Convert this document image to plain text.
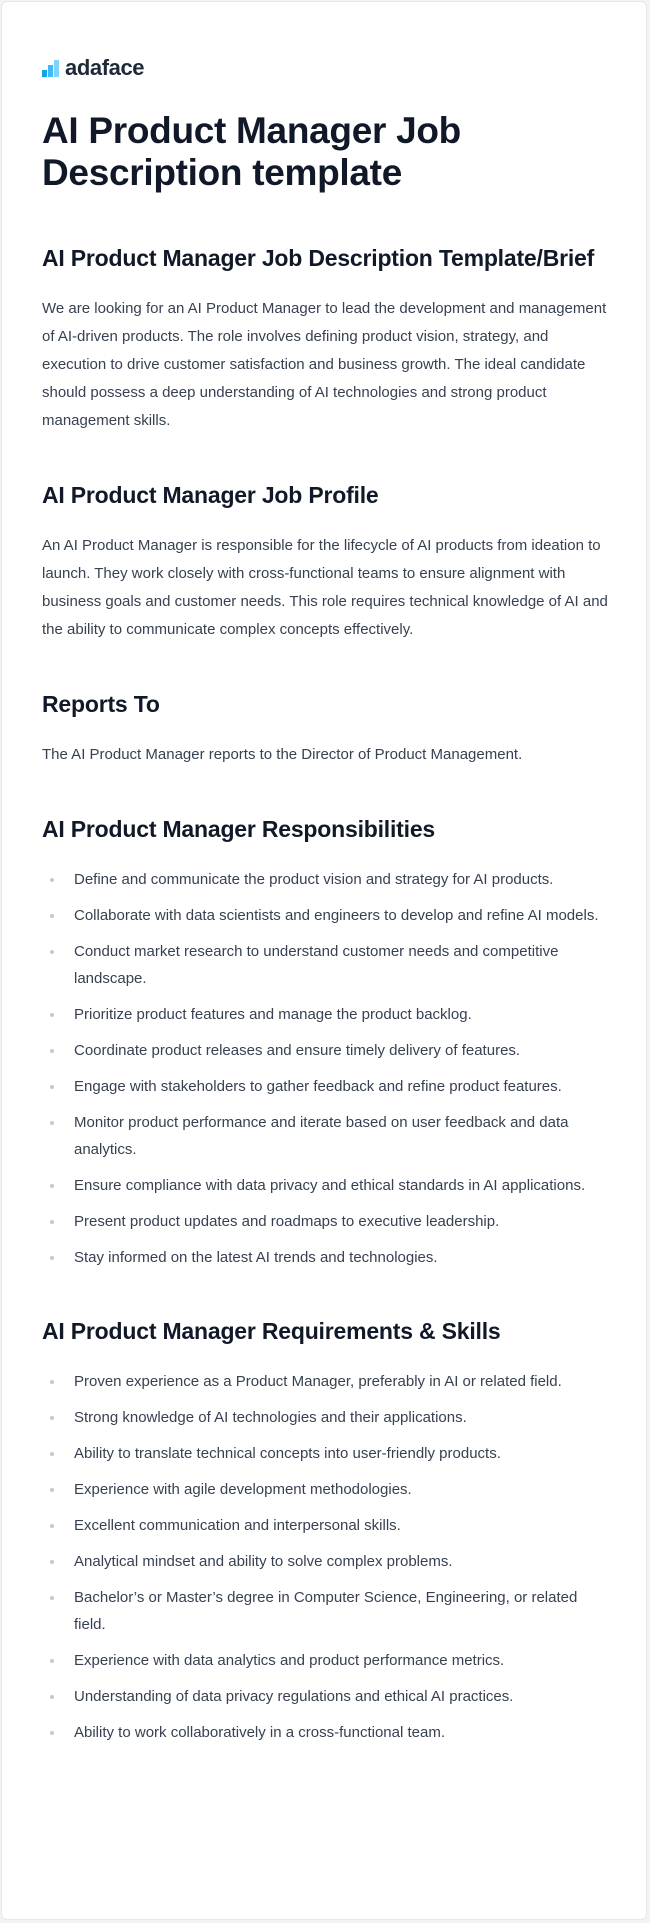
adaface
AI Product Manager Job Description template
AI Product Manager Job Description Template/Brief

We are looking for an AI Product Manager to lead the development and management of AI-driven products. The role involves defining product vision, strategy, and execution to drive customer satisfaction and business growth. The ideal candidate should possess a deep understanding of AI technologies and strong product management skills.

AI Product Manager Job Profile

An AI Product Manager is responsible for the lifecycle of AI products from ideation to launch. They work closely with cross-functional teams to ensure alignment with business goals and customer needs. This role requires technical knowledge of AI and the ability to communicate complex concepts effectively.

Reports To

The AI Product Manager reports to the Director of Product Management.

AI Product Manager Responsibilities
Define and communicate the product vision and strategy for AI products.
Collaborate with data scientists and engineers to develop and refine AI models.
Conduct market research to understand customer needs and competitive landscape.
Prioritize product features and manage the product backlog.
Coordinate product releases and ensure timely delivery of features.
Engage with stakeholders to gather feedback and refine product features.
Monitor product performance and iterate based on user feedback and data analytics.
Ensure compliance with data privacy and ethical standards in AI applications.
Present product updates and roadmaps to executive leadership.
Stay informed on the latest AI trends and technologies.
AI Product Manager Requirements & Skills
Proven experience as a Product Manager, preferably in AI or related field.
Strong knowledge of AI technologies and their applications.
Ability to translate technical concepts into user-friendly products.
Experience with agile development methodologies.
Excellent communication and interpersonal skills.
Analytical mindset and ability to solve complex problems.
Bachelor’s or Master’s degree in Computer Science, Engineering, or related field.
Experience with data analytics and product performance metrics.
Understanding of data privacy regulations and ethical AI practices.
Ability to work collaboratively in a cross-functional team.
